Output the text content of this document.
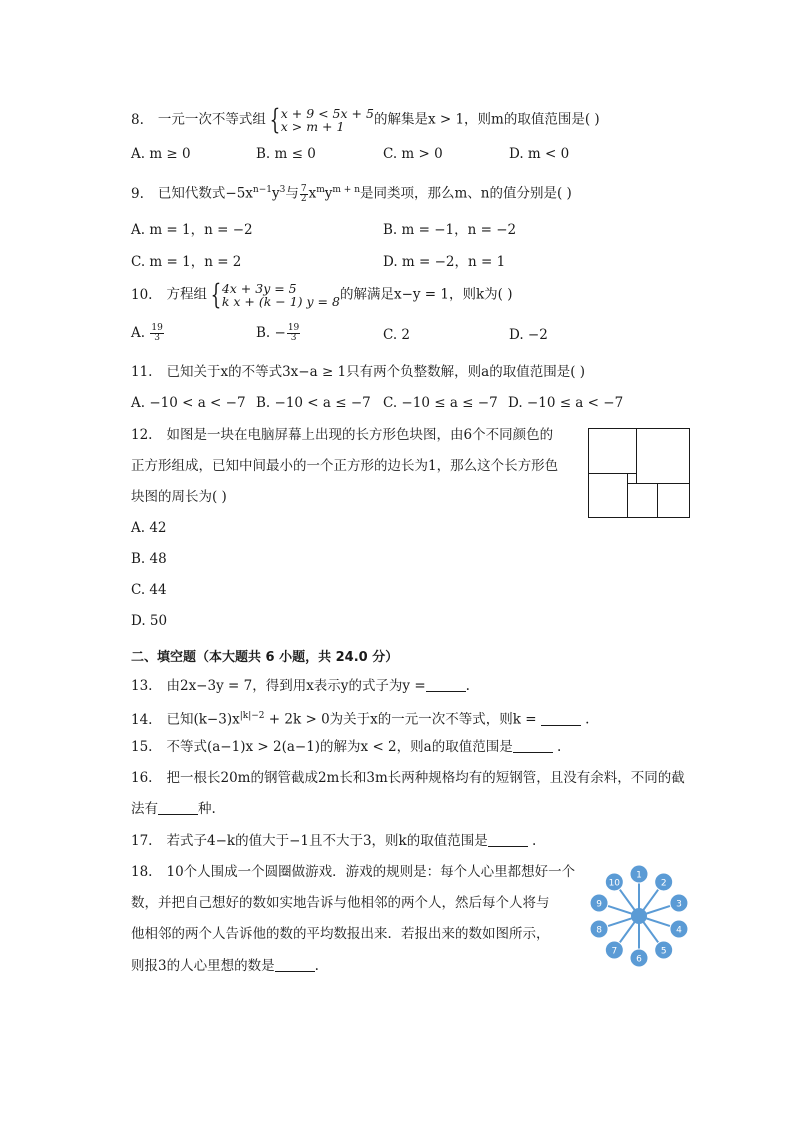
8. 一元一次不等式组 { x + 9 < 5x + 5
x > m + 1	的解集是x > 1，则m的取值范围是( )
A. m ≥ 0	B. m ≤ 0	C. m > 0	D. m < 0
9. 已知代数式$-5x^{n-1}y^3$与 $\frac{7}{2} x^my^{m + n}$是同类项，那么m、n的值分别是( )
A. m = 1，n = −2	B. m = −1，n = −2
C. m = 1，n = 2	D. m = −2，n = 1
10. 方程组 { 4x + 3y = 5
k x + (k − 1) y = 8 的解满足x−y = 1，则k为( )
A. $\frac{19}{3}$	B. − $\frac{19}{3}$	C. 2	D. −2
11. 已知关于x的不等式3x−a ≥ 1只有两个负整数解，则a的取值范围是( )
A. −10 < a < −7 B. −10 < a ≤ −7 C. −10 ≤ a ≤ −7 D. −10 ≤ a < −7
12. 如图是一块在电脑屏幕上出现的长方形色块图，由6个不同颜色的
正方形组成，已知中间最小的一个正方形的边长为1，那么这个长方形色
块图的周长为( )
A. 42
B. 48
C. 44
D. 50
二、填空题（本大题共 6 小题，共 24.0 分）
13. 由2x−3y = 7，得到用x表示y的式子为y =	.
14. 已知$(k-3)x^{|k|-2} + 2k > 0$为关于x的一元一次不等式，则k =	.
15. 不等式(a−1)x > 2(a−1)的解为x < 2，则a的取值范围是	.
16. 把一根长20m的钢管截成2m长和3m长两种规格均有的短钢管，且没有余料，不同的截
法有	种.
17. 若式子4−k的值大于−1且不大于3，则k的取值范围是	.
18. 10个人围成一个圆圈做游戏．游戏的规则是：每个人心里都想好一个
数，并把自己想好的数如实地告诉与他相邻的两个人，然后每个人将与
他相邻的两个人告诉他的数的平均数报出来．若报出来的数如图所示，
则报3的人心里想的数是	.
1
2
3
4
5
6
7
8
9
10
